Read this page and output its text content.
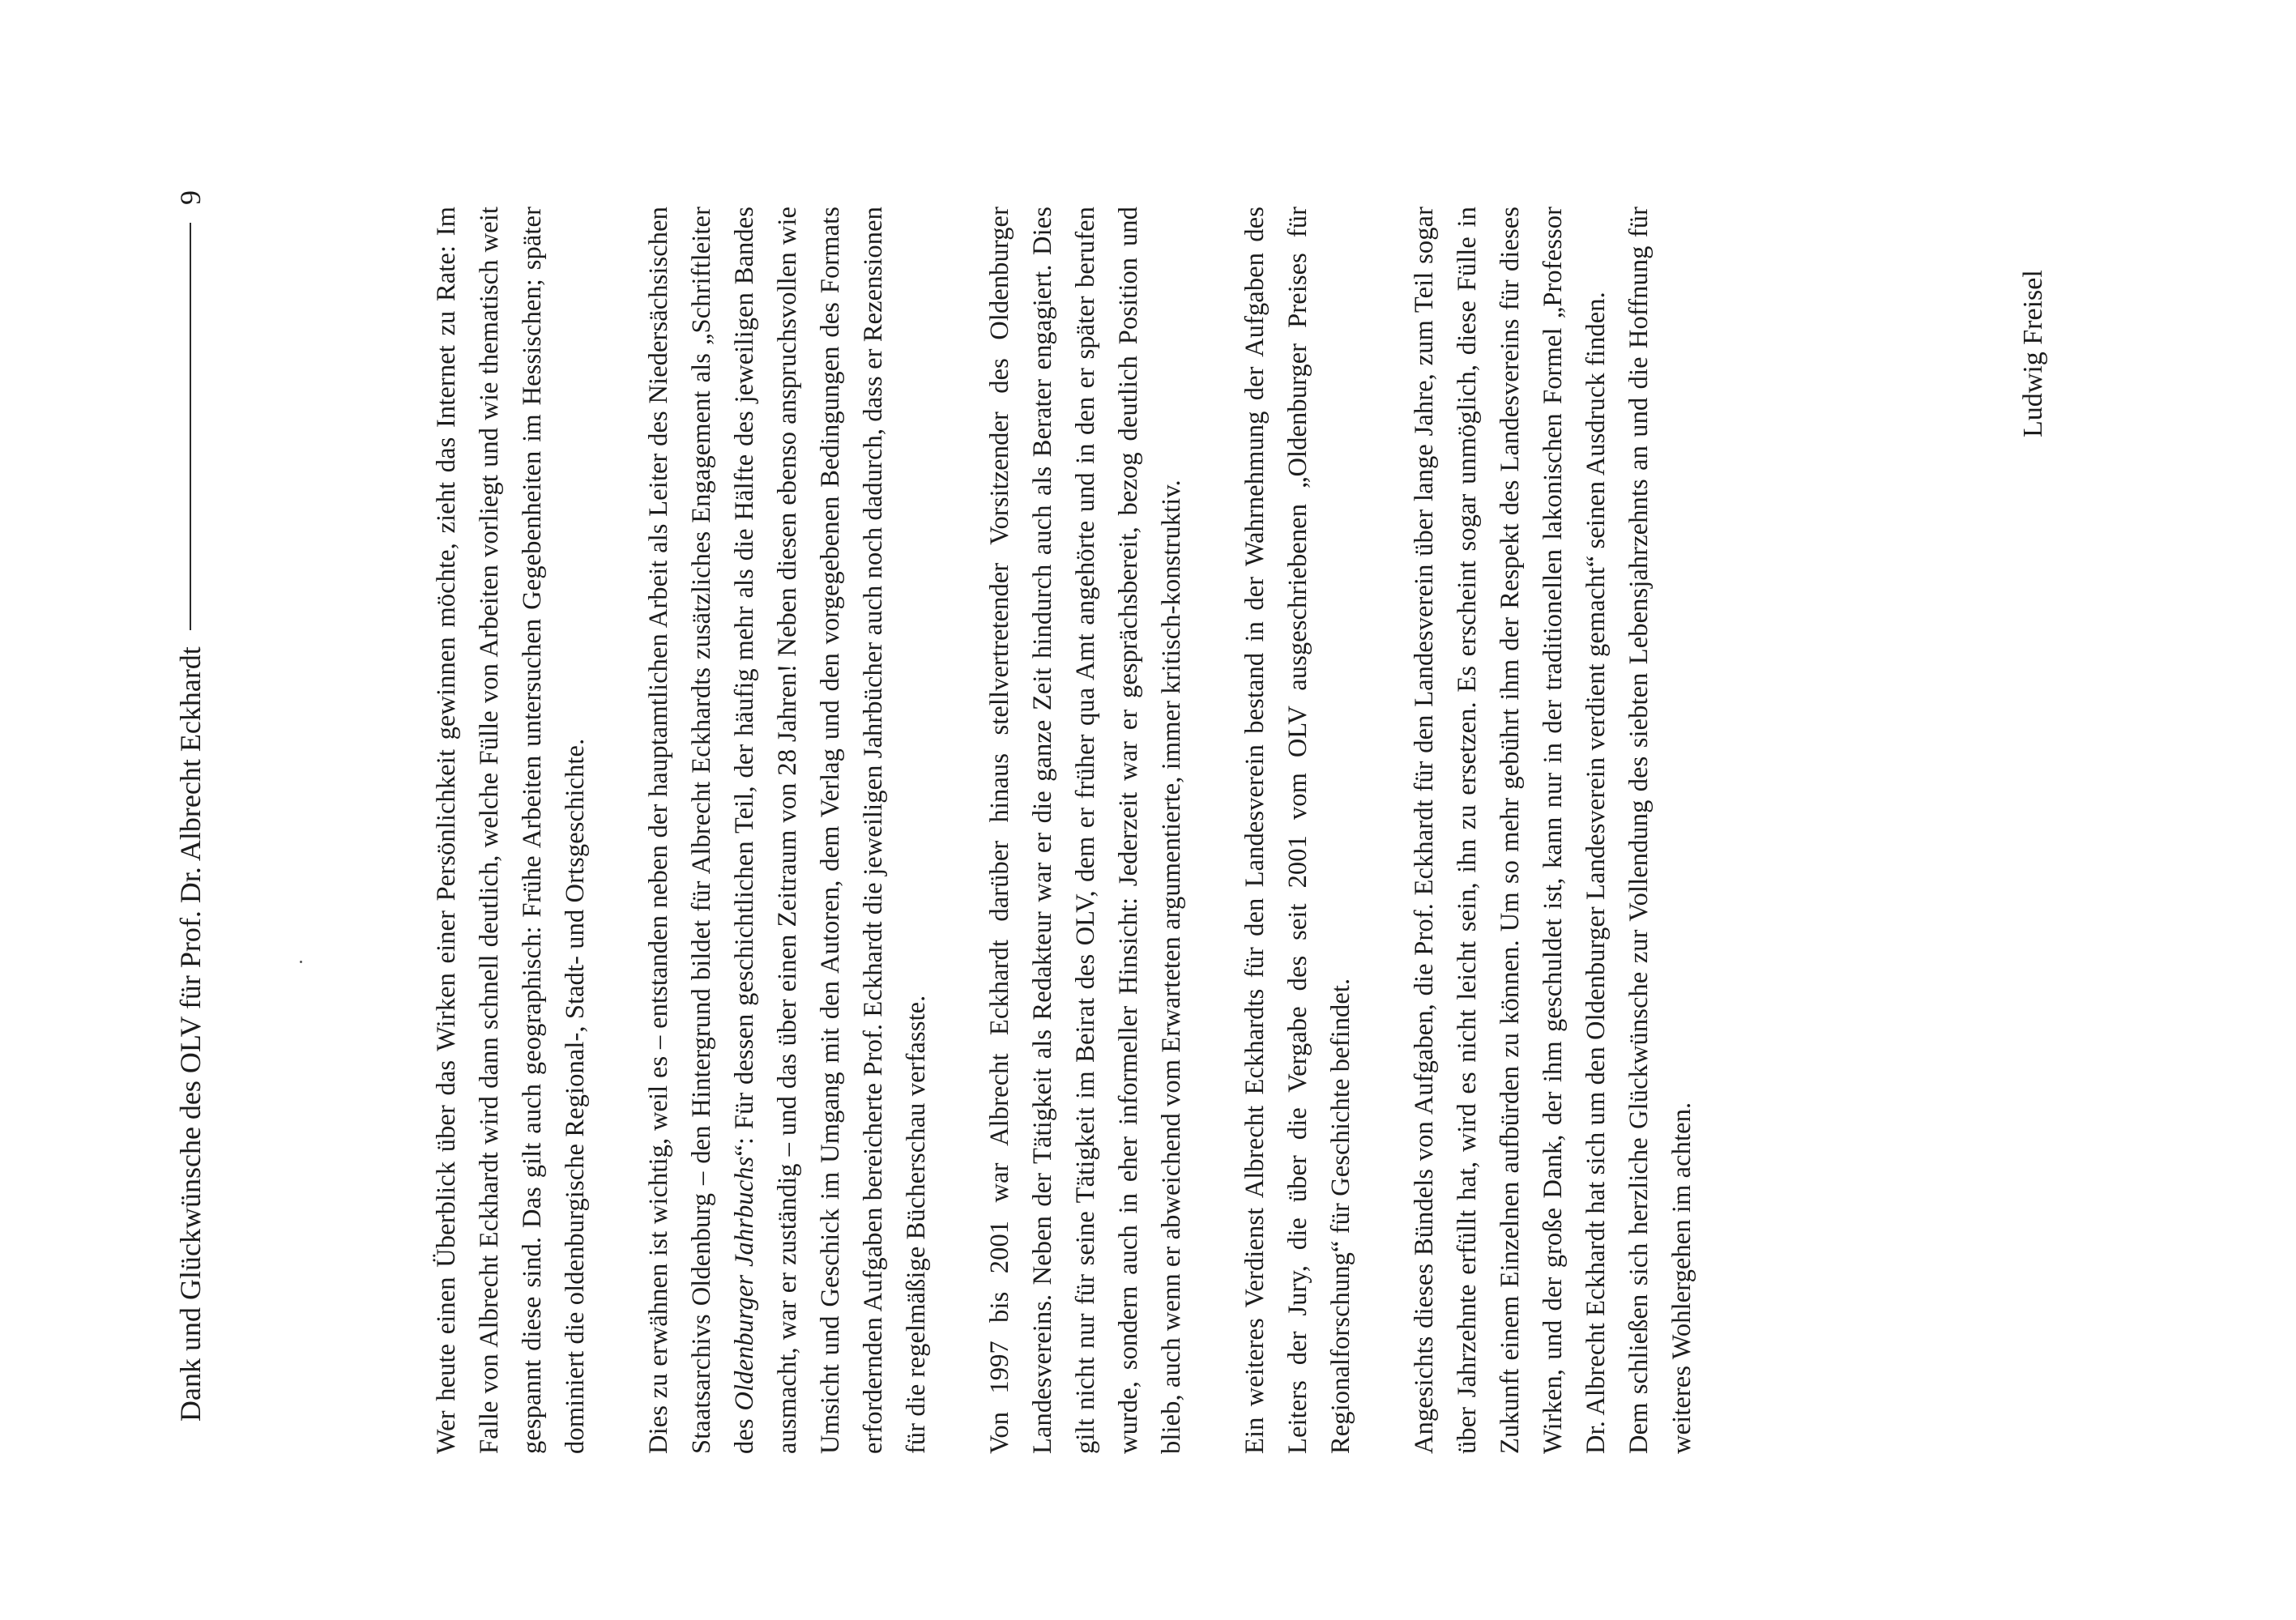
Dank und Glückwünsche des OLV für Prof. Dr. Albrecht Eckhardt
9

Wer heute einen Überblick über das Wirken einer Persönlichkeit gewinnen möchte, zieht das Internet zu Rate: Im Falle von Albrecht Eckhardt wird dann schnell deutlich, welche Fülle von Arbeiten vorliegt und wie thematisch weit gespannt diese sind. Das gilt auch geographisch: Frühe Arbeiten untersuchen Gegebenheiten im Hessischen; später dominiert die oldenburgische Regional-, Stadt- und Ortsgeschichte. Dies zu erwähnen ist wichtig, weil es – entstanden neben der hauptamtlichen Arbeit als Leiter des Niedersächsischen Staatsarchivs Oldenburg – den Hintergrund bildet für Albrecht Eckhardts zusätzliches Engagement als „Schriftleiter des Oldenburger Jahrbuchs“: Für dessen geschichtlichen Teil, der häufig mehr als die Hälfte des jeweiligen Bandes ausmacht, war er zuständig – und das über einen Zeitraum von 28 Jahren! Neben diesen ebenso anspruchsvollen wie Umsicht und Geschick im Umgang mit den Autoren, dem Verlag und den vorgegebenen Bedingungen des Formats erfordernden Aufgaben bereicherte Prof. Eckhardt die jeweiligen Jahrbücher auch noch dadurch, dass er Rezensionen für die regelmäßige Bücherschau verfasste. Von 1997 bis 2001 war Albrecht Eckhardt darüber hinaus stellvertretender Vorsitzender des Oldenburger Landesvereins. Neben der Tätigkeit als Redakteur war er die ganze Zeit hindurch auch als Berater engagiert. Dies gilt nicht nur für seine Tätigkeit im Beirat des OLV, dem er früher qua Amt angehörte und in den er später berufen wurde, sondern auch in eher informeller Hinsicht: Jederzeit war er gesprächsbereit, bezog deutlich Position und blieb, auch wenn er abweichend vom Erwarteten argumentierte, immer kritisch-konstruktiv. Ein weiteres Verdienst Albrecht Eckhardts für den Landesverein bestand in der Wahrnehmung der Aufgaben des Leiters der Jury, die über die Vergabe des seit 2001 vom OLV ausgeschriebenen „Oldenburger Preises für Regionalforschung“ für Geschichte befindet. Angesichts dieses Bündels von Aufgaben, die Prof. Eckhardt für den Landesverein über lange Jahre, zum Teil sogar über Jahrzehnte erfüllt hat, wird es nicht leicht sein, ihn zu ersetzen. Es erscheint sogar unmöglich, diese Fülle in Zukunft einem Einzelnen aufbürden zu können. Um so mehr gebührt ihm der Respekt des Landesvereins für dieses Wirken, und der große Dank, der ihm geschuldet ist, kann nur in der traditionellen lakonischen Formel „Professor Dr. Albrecht Eckhardt hat sich um den Oldenburger Landesverein verdient gemacht“ seinen Ausdruck finden. Dem schließen sich herzliche Glückwünsche zur Vollendung des siebten Lebensjahrzehnts an und die Hoffnung für weiteres Wohlergehen im achten.

Ludwig Freisel
